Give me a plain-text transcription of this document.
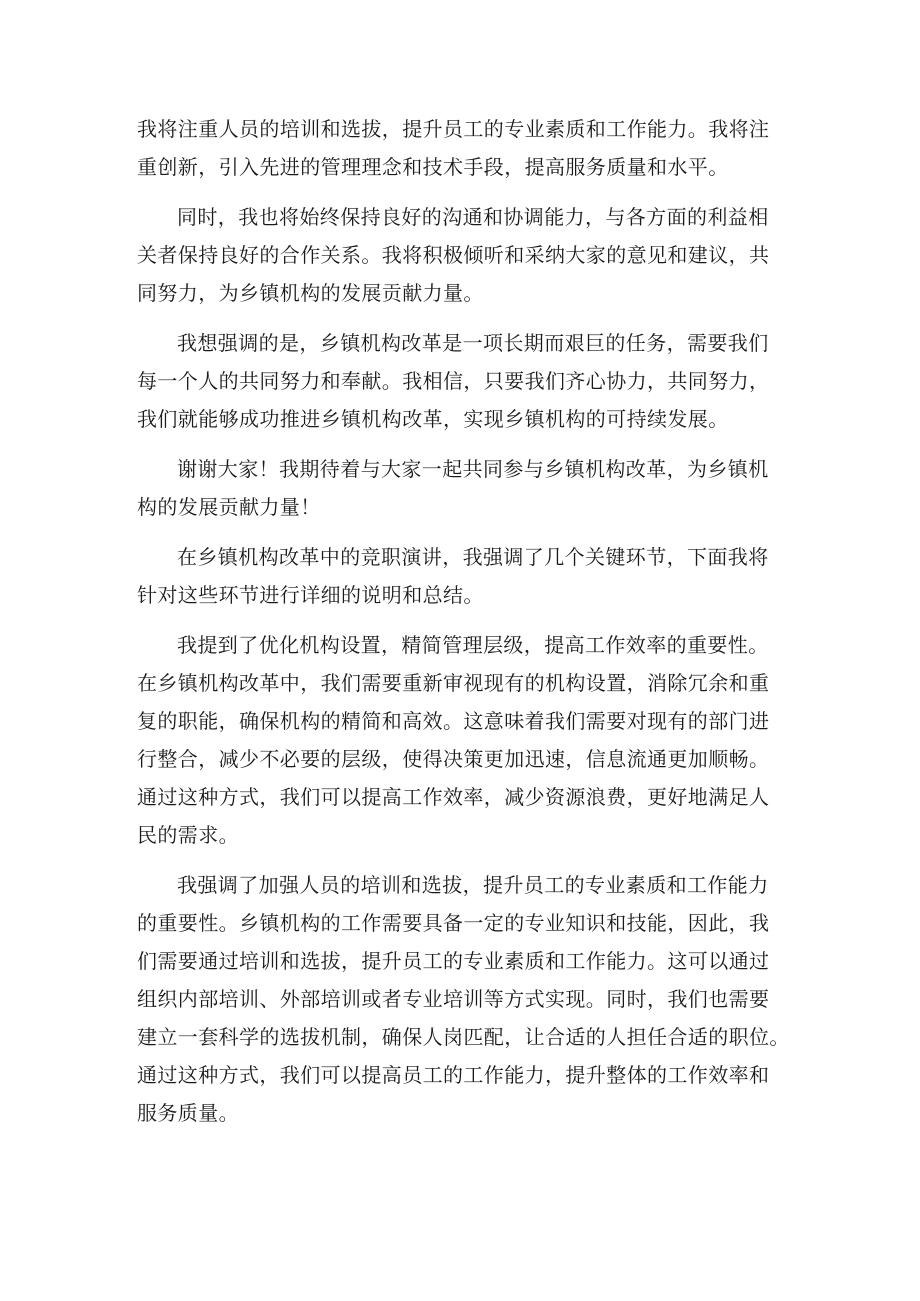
我将注重人员的培训和选拔，提升员工的专业素质和工作能力。我将注
重创新，引入先进的管理理念和技术手段，提高服务质量和水平。

同时，我也将始终保持良好的沟通和协调能力，与各方面的利益相
关者保持良好的合作关系。我将积极倾听和采纳大家的意见和建议，共
同努力，为乡镇机构的发展贡献力量。

我想强调的是，乡镇机构改革是一项长期而艰巨的任务，需要我们
每一个人的共同努力和奉献。我相信，只要我们齐心协力，共同努力，
我们就能够成功推进乡镇机构改革，实现乡镇机构的可持续发展。

谢谢大家！我期待着与大家一起共同参与乡镇机构改革，为乡镇机
构的发展贡献力量！

在乡镇机构改革中的竞职演讲，我强调了几个关键环节，下面我将
针对这些环节进行详细的说明和总结。

我提到了优化机构设置，精简管理层级，提高工作效率的重要性。
在乡镇机构改革中，我们需要重新审视现有的机构设置，消除冗余和重
复的职能，确保机构的精简和高效。这意味着我们需要对现有的部门进
行整合，减少不必要的层级，使得决策更加迅速，信息流通更加顺畅。
通过这种方式，我们可以提高工作效率，减少资源浪费，更好地满足人
民的需求。

我强调了加强人员的培训和选拔，提升员工的专业素质和工作能力
的重要性。乡镇机构的工作需要具备一定的专业知识和技能，因此，我
们需要通过培训和选拔，提升员工的专业素质和工作能力。这可以通过
组织内部培训、外部培训或者专业培训等方式实现。同时，我们也需要
建立一套科学的选拔机制，确保人岗匹配，让合适的人担任合适的职位。
通过这种方式，我们可以提高员工的工作能力，提升整体的工作效率和
服务质量。
